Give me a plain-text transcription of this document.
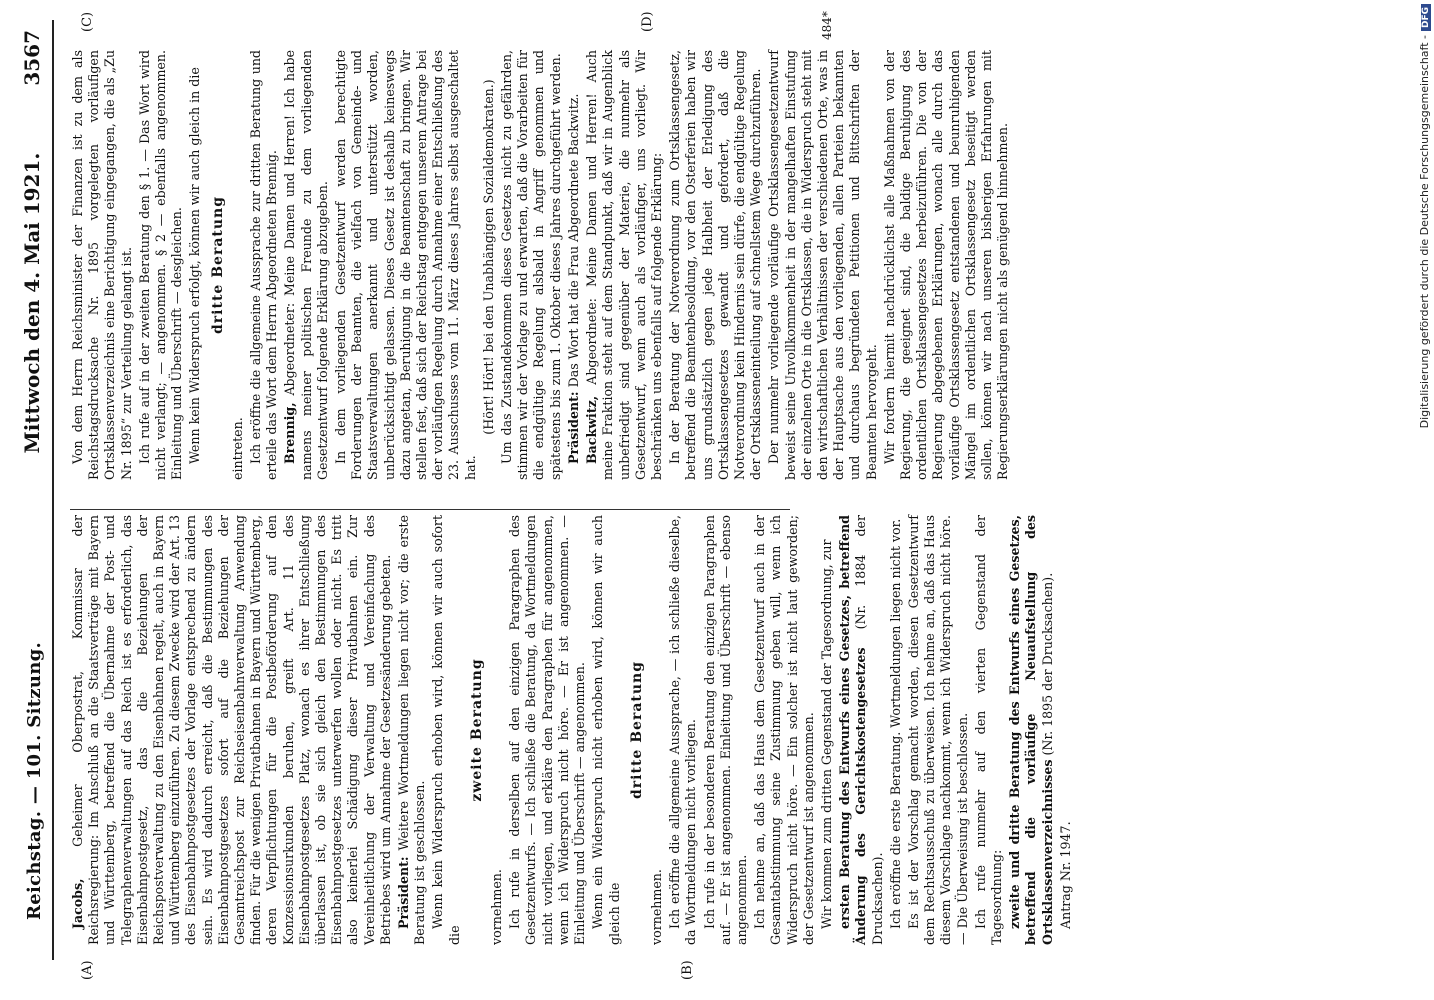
Reichstag. — 101. Sitzung.
Mittwoch den 4. Mai 1921. 3567
(A)	(B)
(C)	(D)

Jacobs, Geheimer Oberpostrat, Kommissar der Reichsregierung: Im Anschluß an die Staatsverträge mit Bayern und Württemberg, betreffend die Übernahme der Post- und Telegraphenverwaltungen auf das Reich ist es erforderlich, das Eisenbahnpostgesetz, das die Beziehungen der Reichspostverwaltung zu den Eisenbahnen regelt, auch in Bayern und Württemberg einzuführen. Zu diesem Zwecke wird der Art. 13 des Eisenbahnpostgesetzes der Vorlage entsprechend zu ändern sein. Es wird dadurch erreicht, daß die Bestimmungen des Eisenbahnpostgesetzes sofort auf die Beziehungen der Gesamtreichspost zur Reichseisenbahnverwaltung Anwendung finden. Für die wenigen Privatbahnen in Bayern und Württemberg, deren Verpflichtungen für die Postbeförderung auf den Konzessionsurkunden beruhen, greift Art. 11 des Eisenbahnpostgesetzes Platz, wonach es ihrer Entschließung überlassen ist, ob sie sich gleich den Bestimmungen des Eisenbahnpostgesetzes unterwerfen wollen oder nicht. Es tritt also keinerlei Schädigung dieser Privatbahnen ein. Zur Vereinheitlichung der Verwaltung und Vereinfachung des Betriebes wird um Annahme der Gesetzesänderung gebeten. Präsident: Weitere Wortmeldungen liegen nicht vor; die erste Beratung ist geschlossen. Wenn kein Widerspruch erhoben wird, können wir auch sofort die

zweite Beratung

vornehmen. Ich rufe in derselben auf den einzigen Paragraphen des Gesetzentwurfs. — Ich schließe die Beratung, da Wortmeldungen nicht vorliegen, und erkläre den Paragraphen für angenommen, wenn ich Widerspruch nicht höre. — Er ist angenommen. — Einleitung und Überschrift — angenommen. Wenn ein Widerspruch nicht erhoben wird, können wir auch gleich die

dritte Beratung

vornehmen. Ich eröffne die allgemeine Aussprache, — ich schließe dieselbe, da Wortmeldungen nicht vorliegen. Ich rufe in der besonderen Beratung den einzigen Paragraphen auf. — Er ist angenommen. Einleitung und Überschrift — ebenso angenommen. Ich nehme an, daß das Haus dem Gesetzentwurf auch in der Gesamtabstimmung seine Zustimmung geben will, wenn ich Widerspruch nicht höre. — Ein solcher ist nicht laut geworden; der Gesetzentwurf ist angenommen. Wir kommen zum dritten Gegenstand der Tagesordnung, zur ersten Beratung des Entwurfs eines Gesetzes, betreffend Änderung des Gerichtskostengesetzes (Nr. 1884 der Drucksachen). Ich eröffne die erste Beratung. Wortmeldungen liegen nicht vor. Es ist der Vorschlag gemacht worden, diesen Gesetzentwurf dem Rechtsausschuß zu überweisen. Ich nehme an, daß das Haus diesem Vorschlage nachkommt, wenn ich Widerspruch nicht höre. — Die Überweisung ist beschlossen. Ich rufe nunmehr auf den vierten Gegenstand der Tagesordnung: zweite und dritte Beratung des Entwurfs eines Gesetzes, betreffend die vorläufige Neuaufstellung des Ortsklassenverzeichnisses (Nr. 1895 der Drucksachen).

Antrag Nr. 1947.

Von dem Herrn Reichsminister der Finanzen ist zu dem als Reichstagsdrucksache Nr. 1895 vorgelegten vorläufigen Ortsklassenverzeichnis eine Berichtigung eingegangen, die als „Zu Nr. 1895“ zur Verteilung gelangt ist. Ich rufe auf in der zweiten Beratung den § 1. — Das Wort wird nicht verlangt; — angenommen. § 2 — ebenfalls angenommen. Einleitung und Überschrift — desgleichen. Wenn kein Widerspruch erfolgt, können wir auch gleich in die dritte Beratung

eintreten. Ich eröffne die allgemeine Aussprache zur dritten Beratung und erteile das Wort dem Herrn Abgeordneten Brennig. Brennig, Abgeordneter: Meine Damen und Herren! Ich habe namens meiner politischen Freunde zu dem vorliegenden Gesetzentwurf folgende Erklärung abzugeben. In dem vorliegenden Gesetzentwurf werden berechtigte Forderungen der Beamten, die vielfach von Gemeinde- und Staatsverwaltungen anerkannt und unterstützt worden, unberücksichtigt gelassen. Dieses Gesetz ist deshalb keineswegs dazu angetan, Beruhigung in die Beamtenschaft zu bringen. Wir stellen fest, daß sich der Reichstag entgegen unserem Antrage bei der vorläufigen Regelung durch Annahme einer Entschließung des 23. Ausschusses vom 11. März dieses Jahres selbst ausgeschaltet hat.

(Hört! Hört! bei den Unabhängigen Sozialdemokraten.) Um das Zustandekommen dieses Gesetzes nicht zu gefährden, stimmen wir der Vorlage zu und erwarten, daß die Vorarbeiten für die endgültige Regelung alsbald in Angriff genommen und spätestens bis zum 1. Oktober dieses Jahres durchgeführt werden. Präsident: Das Wort hat die Frau Abgeordnete Backwitz.

Backwitz, Abgeordnete: Meine Damen und Herren! Auch meine Fraktion steht auf dem Standpunkt, daß wir in Augenblick unbefriedigt sind gegenüber der Materie, die nunmehr als Gesetzentwurf, wenn auch als vorläufiger, uns vorliegt. Wir beschränken uns ebenfalls auf folgende Erklärung: In der Beratung der Notverordnung zum Ortsklassengesetz, betreffend die Beamtenbesoldung, vor den Osterferien haben wir uns grundsätzlich gegen jede Halbheit der Erledigung des Ortsklassengesetzes gewandt und gefordert, daß die Notverordnung kein Hindernis sein dürfe, die endgültige Regelung der Ortsklasseneinteilung auf schnellstem Wege durchzuführen. Der nunmehr vorliegende vorläufige Ortsklassengesetzentwurf beweist seine Unvollkommenheit in der mangelhaften Einstufung der einzelnen Orte in die Ortsklassen, die in Widerspruch steht mit den wirtschaftlichen Verhältnissen der verschiedenen Orte, was in der Hauptsache aus den vorliegenden, allen Parteien bekannten und durchaus begründeten Petitionen und Bittschriften der Beamten hervorgeht. Wir fordern hiermit nachdrücklichst alle Maßnahmen von der Regierung, die geeignet sind, die baldige Beruhigung des ordentlichen Ortsklassengesetzes herbeizuführen. Die von der Regierung abgegebenen Erklärungen, wonach alle durch das vorläufige Ortsklassengesetz entstandenen und beunruhigenden Mängel im ordentlichen Ortsklassengesetz beseitigt werden sollen, können wir nach unseren bisherigen Erfahrungen mit Regierungserklärungen nicht als genügend hinnehmen.

484*
Digitalisierung gefördert durch die Deutsche Forschungsgemeinschaft -DFG
